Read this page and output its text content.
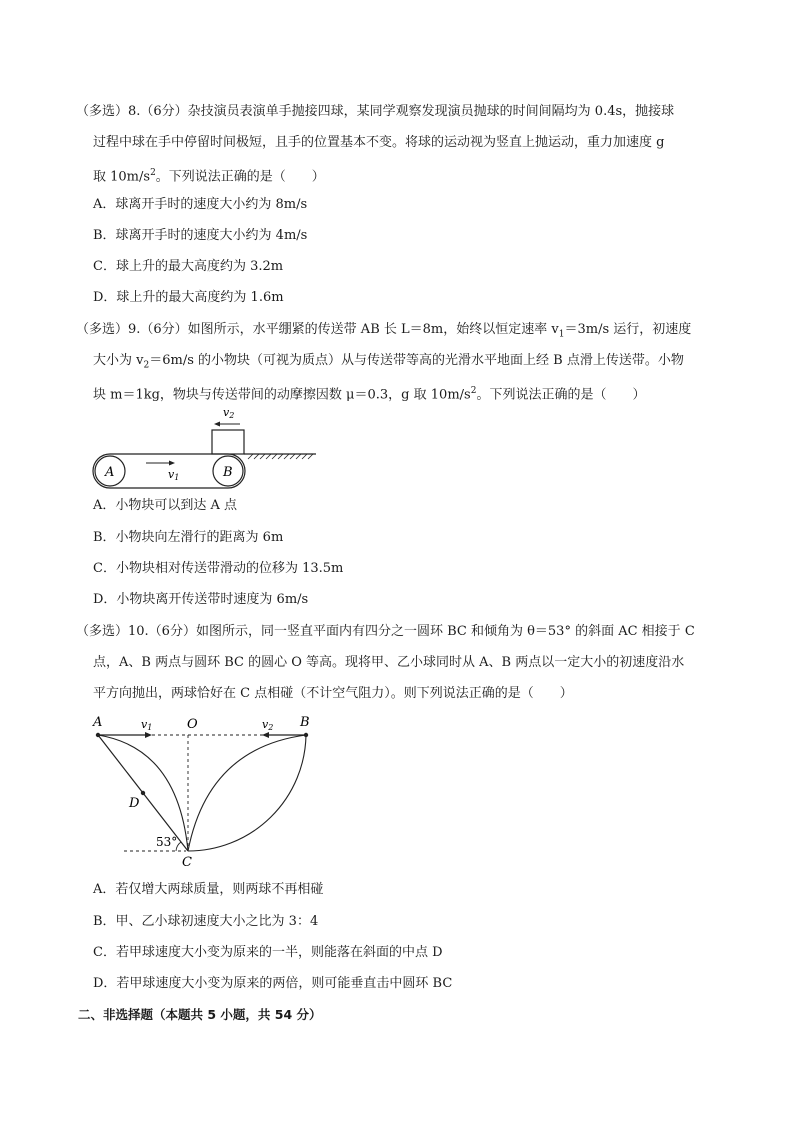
（多选）8.（6分）杂技演员表演单手抛接四球，某同学观察发现演员抛球的时间间隔均为 0.4s，抛接球
过程中球在手中停留时间极短，且手的位置基本不变。将球的运动视为竖直上抛运动，重力加速度 g
取 $10m/s^2$。下列说法正确的是（　　）
A．球离开手时的速度大小约为 8m/s
B．球离开手时的速度大小约为 4m/s
C．球上升的最大高度约为 3.2m
D．球上升的最大高度约为 1.6m
（多选）9.（6分）如图所示，水平绷紧的传送带 AB 长 L＝8m，始终以恒定速率 $v_1=3m/s$ 运行，初速度
大小为 $v_2=6m/s$ 的小物块（可视为质点）从与传送带等高的光滑水平地面上经 B 点滑上传送带。小物
块 m＝1kg，物块与传送带间的动摩擦因数 μ＝0.3，g 取 $10m/s^2$。下列说法正确的是（　　）
v2
A	B
v1
A．小物块可以到达 A 点
B．小物块向左滑行的距离为 6m
C．小物块相对传送带滑动的位移为 13.5m
D．小物块离开传送带时速度为 6m/s
（多选）10.（6分）如图所示，同一竖直平面内有四分之一圆环 BC 和倾角为 θ＝53° 的斜面 AC 相接于 C
点，A、B 两点与圆环 BC 的圆心 O 等高。现将甲、乙小球同时从 A、B 两点以一定大小的初速度沿水
平方向抛出，两球恰好在 C 点相碰（不计空气阻力）。则下列说法正确的是（　　）
A	O	B
D
C
53°
v1	v2
A．若仅增大两球质量，则两球不再相碰
B．甲、乙小球初速度大小之比为 3：4
C．若甲球速度大小变为原来的一半，则能落在斜面的中点 D
D．若甲球速度大小变为原来的两倍，则可能垂直击中圆环 BC
二、非选择题（本题共 5 小题，共 54 分）
